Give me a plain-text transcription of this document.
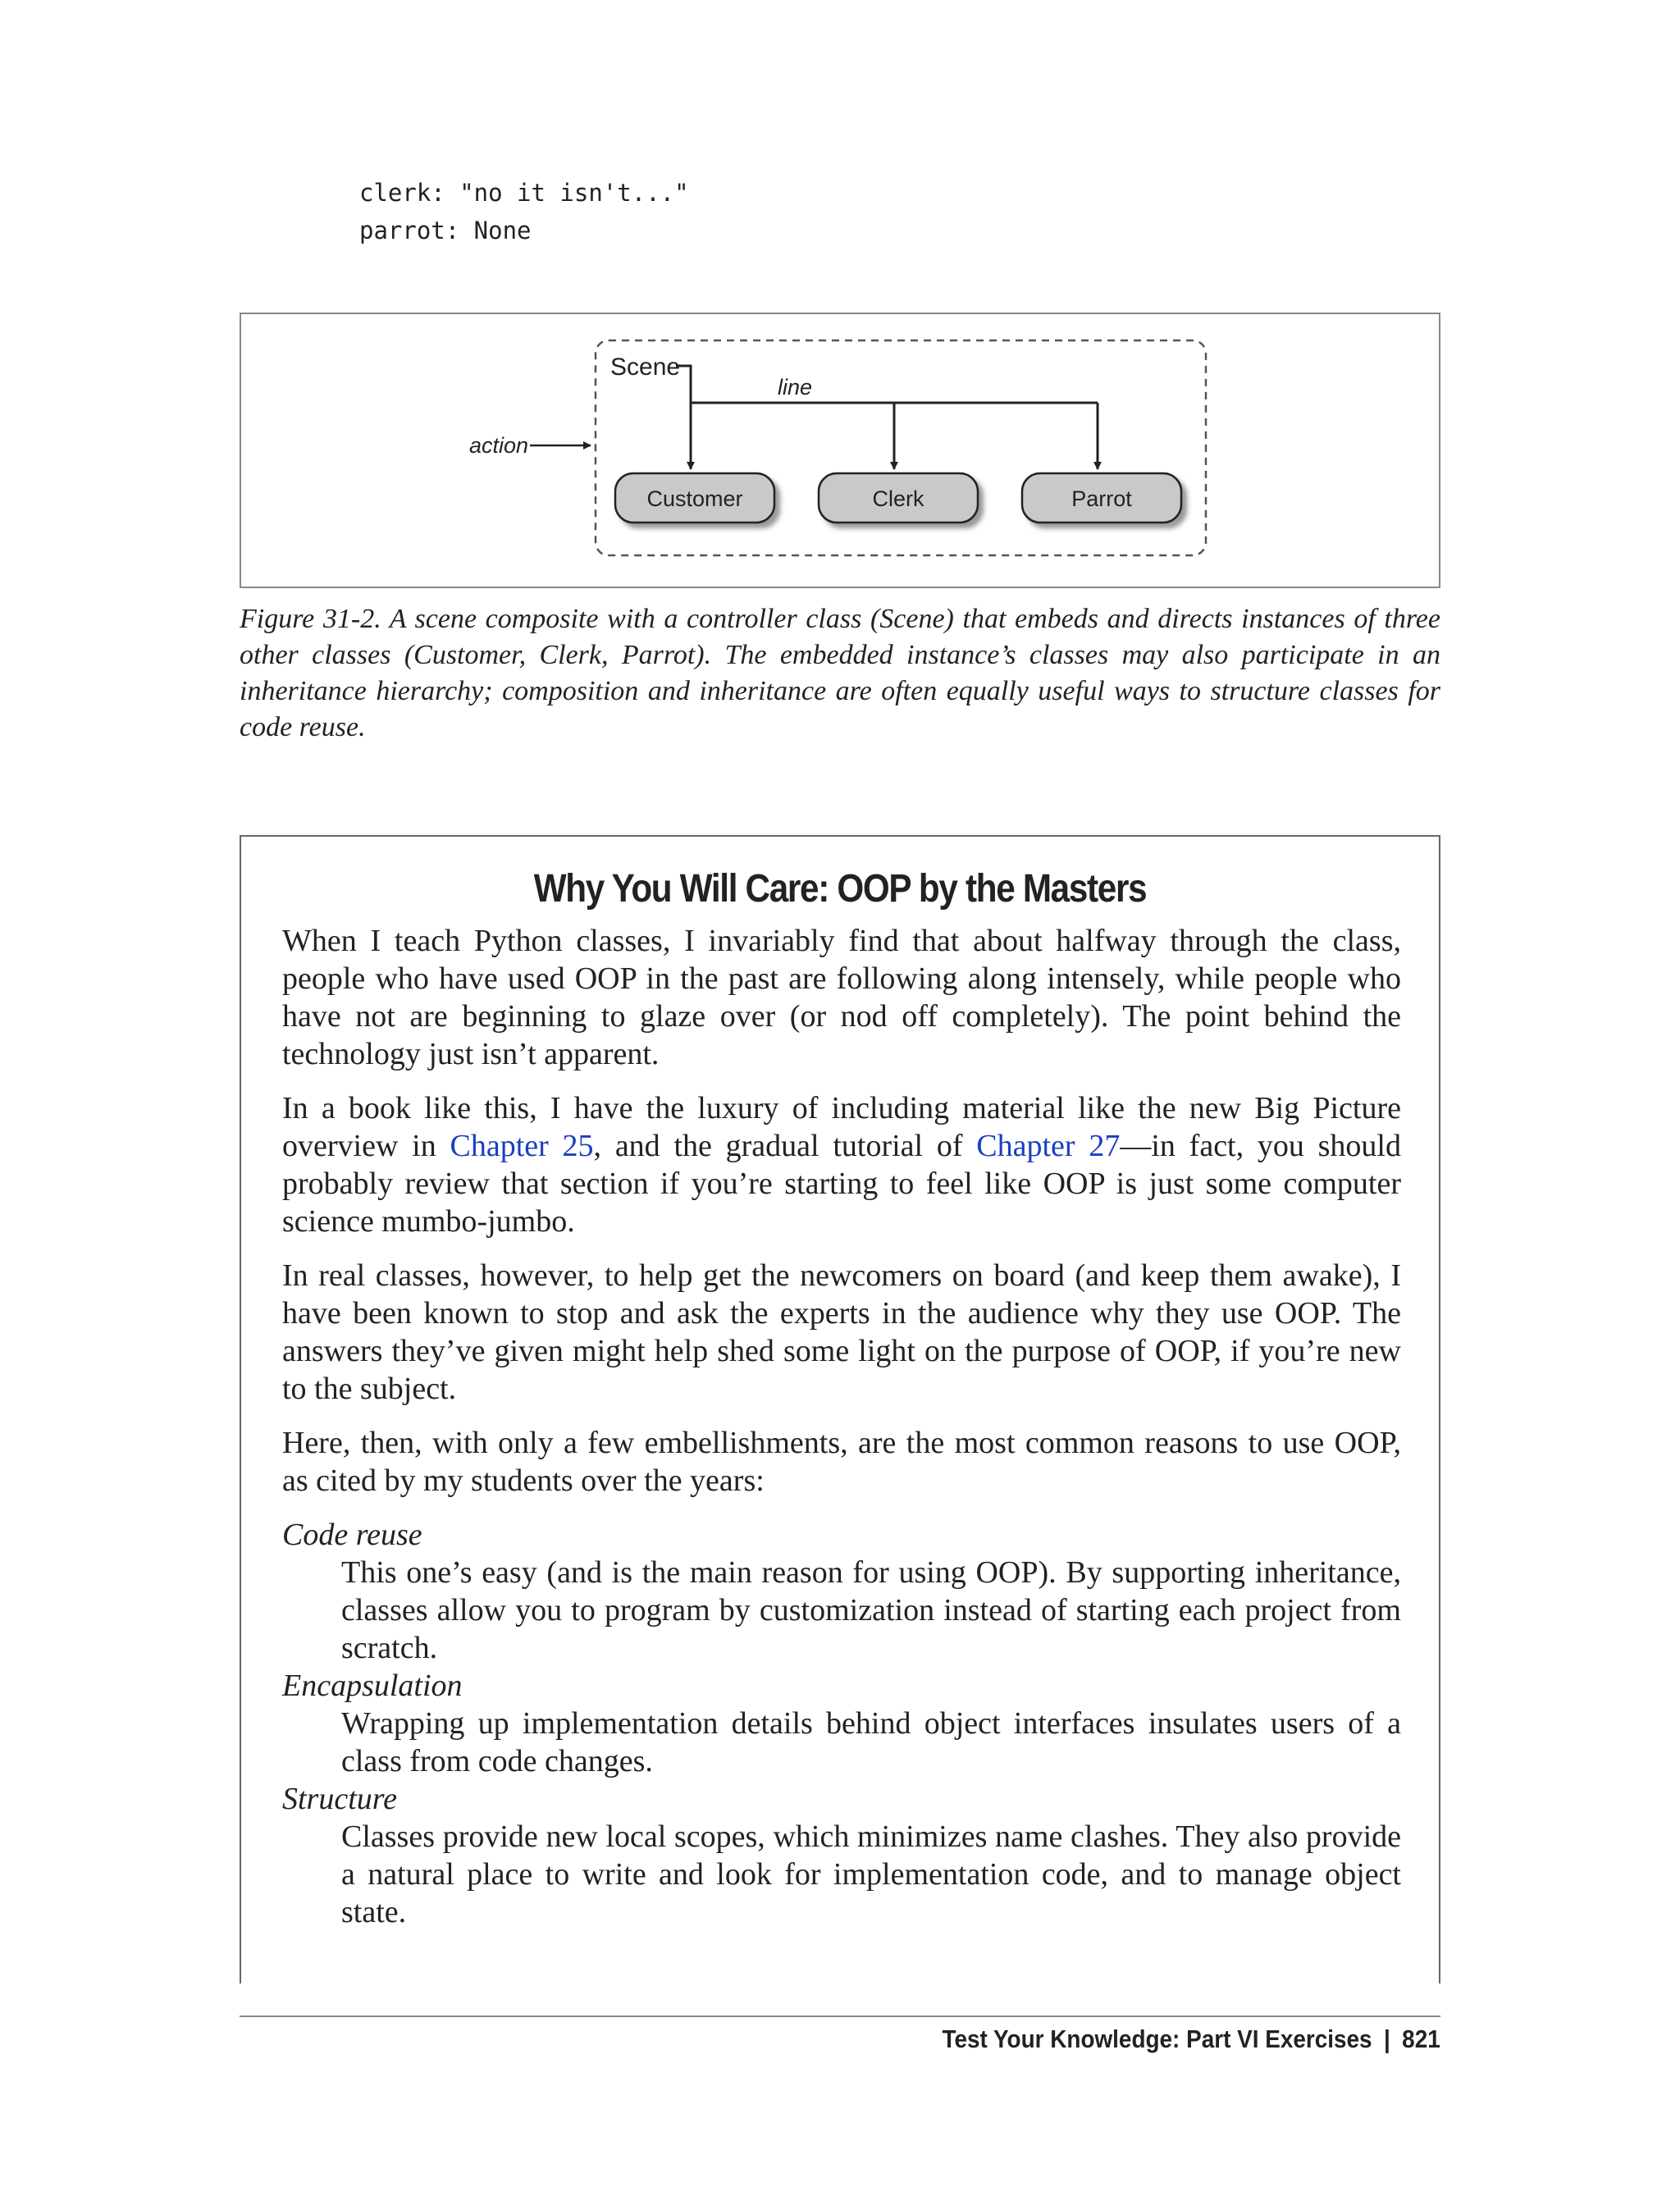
clerk: "no it isn't..."
parrot: None
Scene
line
action
Customer	Clerk	Parrot
Figure 31-2. A scene composite with a controller class (Scene) that embeds and directs instances of three other classes (Customer, Clerk, Parrot). The embedded instance’s classes may also participate in an inheritance hierarchy; composition and inheritance are often equally useful ways to structure classes for code reuse.
Why You Will Care: OOP by the Masters

When I teach Python classes, I invariably find that about halfway through the class, people who have used OOP in the past are following along intensely, while people who have not are beginning to glaze over (or nod off completely). The point behind the technology just isn’t apparent.

In a book like this, I have the luxury of including material like the new Big Picture overview in Chapter 25, and the gradual tutorial of Chapter 27—in fact, you should probably review that section if you’re starting to feel like OOP is just some computer science mumbo-jumbo.

In real classes, however, to help get the newcomers on board (and keep them awake), I have been known to stop and ask the experts in the audience why they use OOP. The answers they’ve given might help shed some light on the purpose of OOP, if you’re new to the subject.

Here, then, with only a few embellishments, are the most common reasons to use OOP, as cited by my students over the years:

Code reuse
This one’s easy (and is the main reason for using OOP). By supporting inheritance, classes allow you to program by customization instead of starting each project from scratch.
Encapsulation
Wrapping up implementation details behind object interfaces insulates users of a class from code changes.
Structure
Classes provide new local scopes, which minimizes name clashes. They also provide a natural place to write and look for implementation code, and to manage object state.
Test Your Knowledge: Part VI Exercises | 821
